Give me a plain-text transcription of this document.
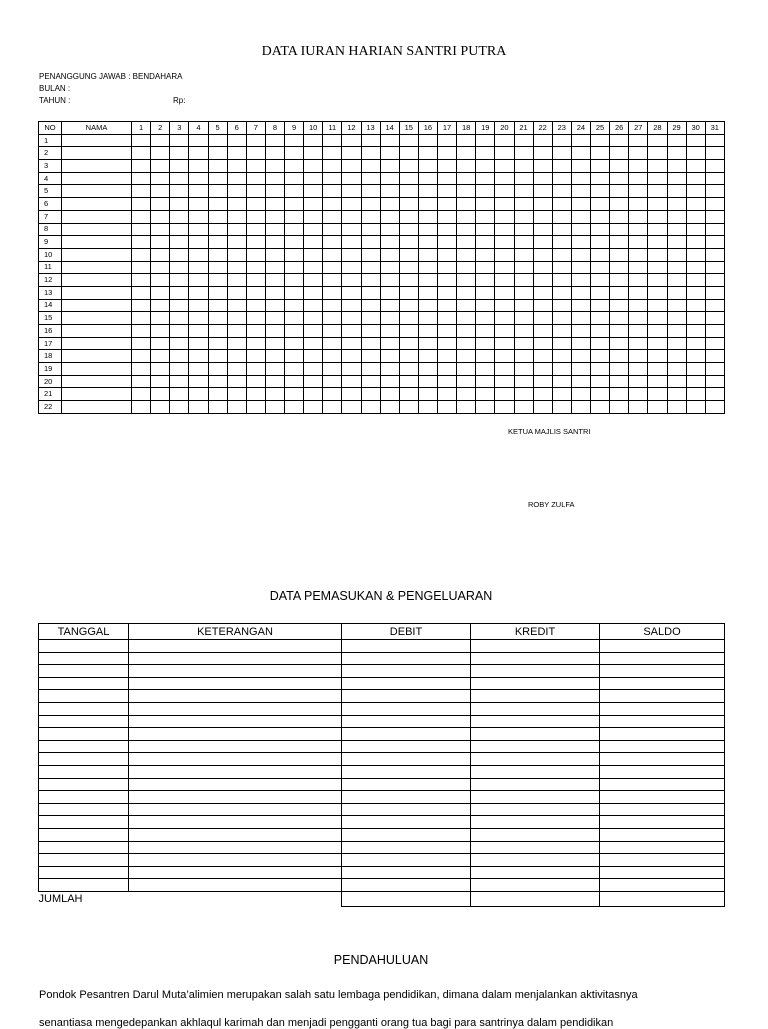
DATA IURAN HARIAN SANTRI PUTRA
PENANGGUNG JAWAB : BENDAHARA
BULAN :
TAHUN :	Rp:
NO	NAMA	1	2	3	4	5	6	7	8	9	10	11	12	13	14	15	16	17	18	19	20	21	22	23	24	25	26	27	28	29	30	31
1																																
2																																
3																																
4																																
5																																
6																																
7																																
8																																
9																																
10																																
11																																
12																																
13																																
14																																
15																																
16																																
17																																
18																																
19																																
20																																
21																																
22																																
KETUA MAJLIS SANTRI
ROBY ZULFA
DATA PEMASUKAN & PENGELUARAN
TANGGAL	KETERANGAN	DEBIT	KREDIT	SALDO

JUMLAH				
PENDAHULUAN
Pondok Pesantren Darul Muta’alimien merupakan salah satu lembaga pendidikan, dimana dalam menjalankan aktivitasnya
senantiasa mengedepankan akhlaqul karimah dan menjadi pengganti orang tua bagi para santrinya dalam pendidikan
